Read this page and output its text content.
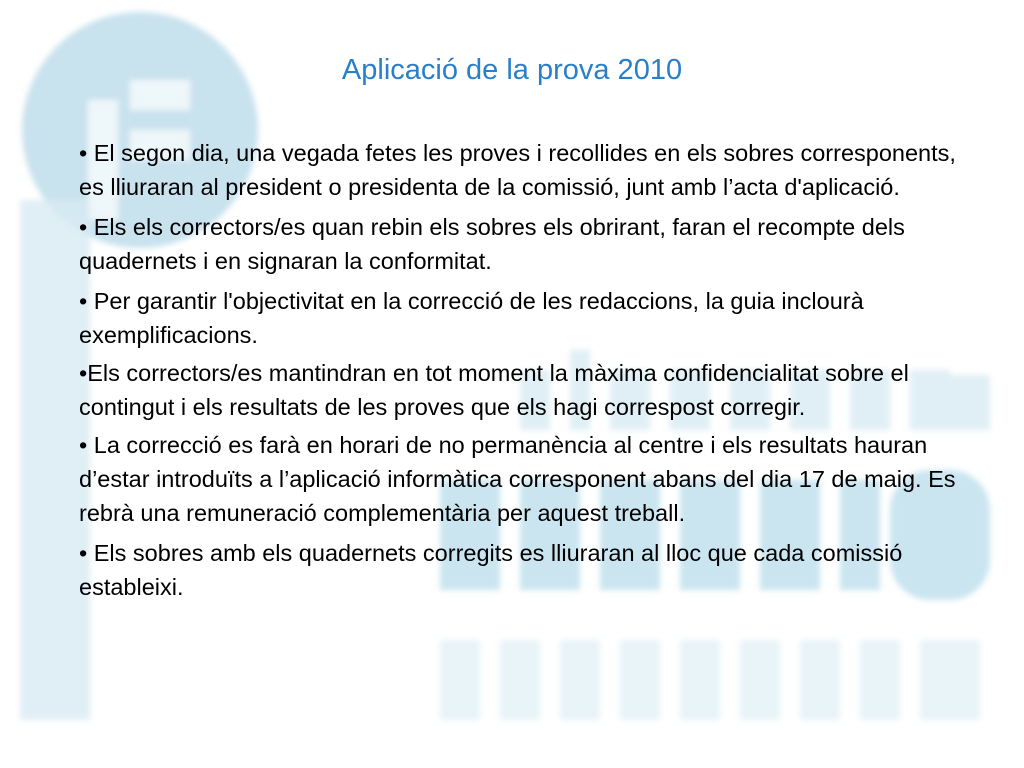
Aplicació de la prova 2010
• El segon dia, una vegada fetes les proves i recollides en els sobres corresponents, es lliuraran al president o presidenta de la comissió, junt amb l’acta d'aplicació.
• Els els correctors/es quan rebin els sobres els obrirant, faran el recompte dels quadernets i en signaran la conformitat.
• Per garantir l'objectivitat en la correcció de les redaccions, la guia inclourà exemplificacions.
•Els correctors/es mantindran en tot moment la màxima confidencialitat sobre el contingut i els resultats de les proves que els hagi correspost corregir.
• La correcció es farà en horari de no permanència al centre i els resultats hauran d’estar introduïts a l’aplicació informàtica corresponent abans del dia 17 de maig. Es rebrà una remuneració complementària per aquest treball.
• Els sobres amb els quadernets corregits es lliuraran al lloc que cada comissió estableixi.
